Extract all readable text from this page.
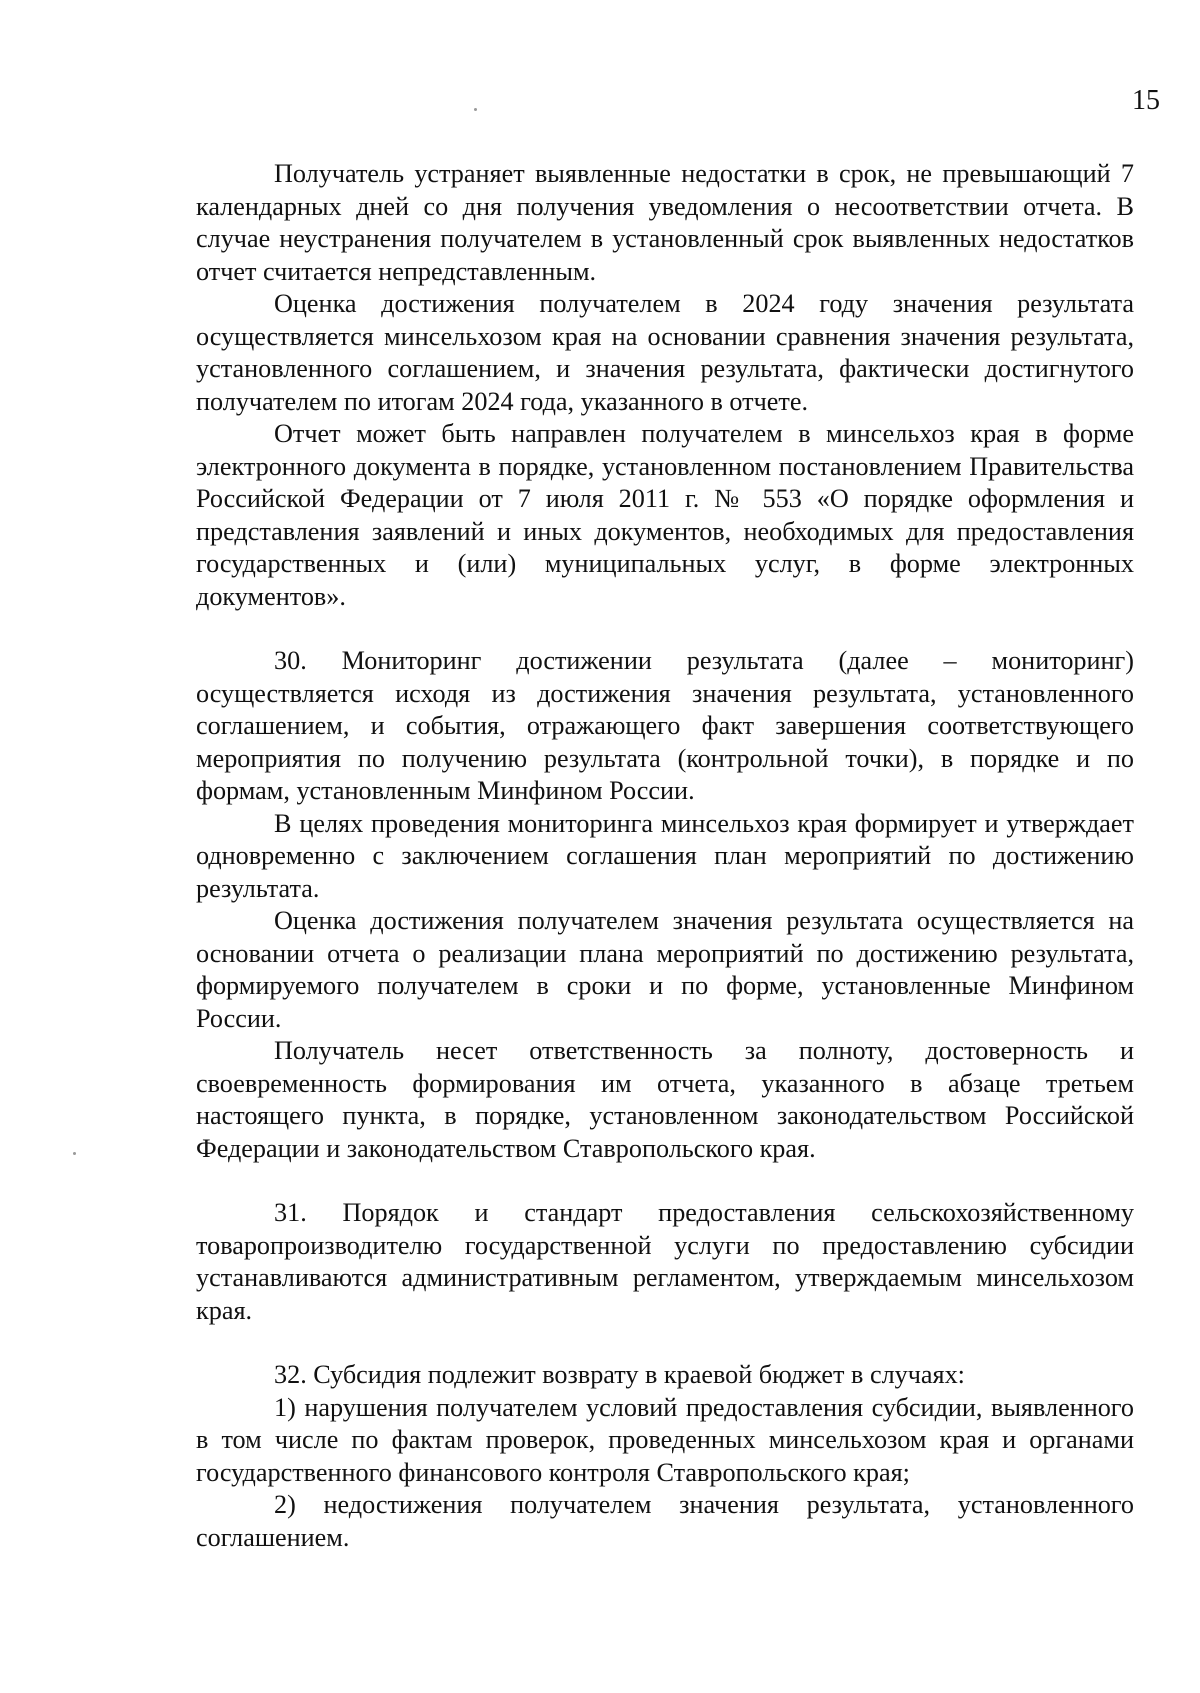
15

Получатель устраняет выявленные недостатки в срок, не превышающий 7 календарных дней со дня получения уведомления о несоответствии отчета. В случае неустранения получателем в установленный срок выявленных недостатков отчет считается непредставленным.

Оценка достижения получателем в 2024 году значения результата осуществляется минсельхозом края на основании сравнения значения результата, установленного соглашением, и значения результата, фактически достигнутого получателем по итогам 2024 года, указанного в отчете.

Отчет может быть направлен получателем в минсельхоз края в форме электронного документа в порядке, установленном постановлением Правительства Российской Федерации от 7 июля 2011 г. № 553 «О порядке оформления и представления заявлений и иных документов, необходимых для предоставления государственных и (или) муниципальных услуг, в форме электронных документов».

30. Мониторинг достижении результата (далее – мониторинг) осуществляется исходя из достижения значения результата, установленного соглашением, и события, отражающего факт завершения соответствующего мероприятия по получению результата (контрольной точки), в порядке и по формам, установленным Минфином России.

В целях проведения мониторинга минсельхоз края формирует и утверждает одновременно с заключением соглашения план мероприятий по достижению результата.

Оценка достижения получателем значения результата осуществляется на основании отчета о реализации плана мероприятий по достижению результата, формируемого получателем в сроки и по форме, установленные Минфином России.

Получатель несет ответственность за полноту, достоверность и своевременность формирования им отчета, указанного в абзаце третьем настоящего пункта, в порядке, установленном законодательством Российской Федерации и законодательством Ставропольского края.

31. Порядок и стандарт предоставления сельскохозяйственному товаропроизводителю государственной услуги по предоставлению субсидии устанавливаются административным регламентом, утверждаемым минсельхозом края.

32. Субсидия подлежит возврату в краевой бюджет в случаях:

1) нарушения получателем условий предоставления субсидии, выявленного в том числе по фактам проверок, проведенных минсельхозом края и органами государственного финансового контроля Ставропольского края;

2) недостижения получателем значения результата, установленного соглашением.
